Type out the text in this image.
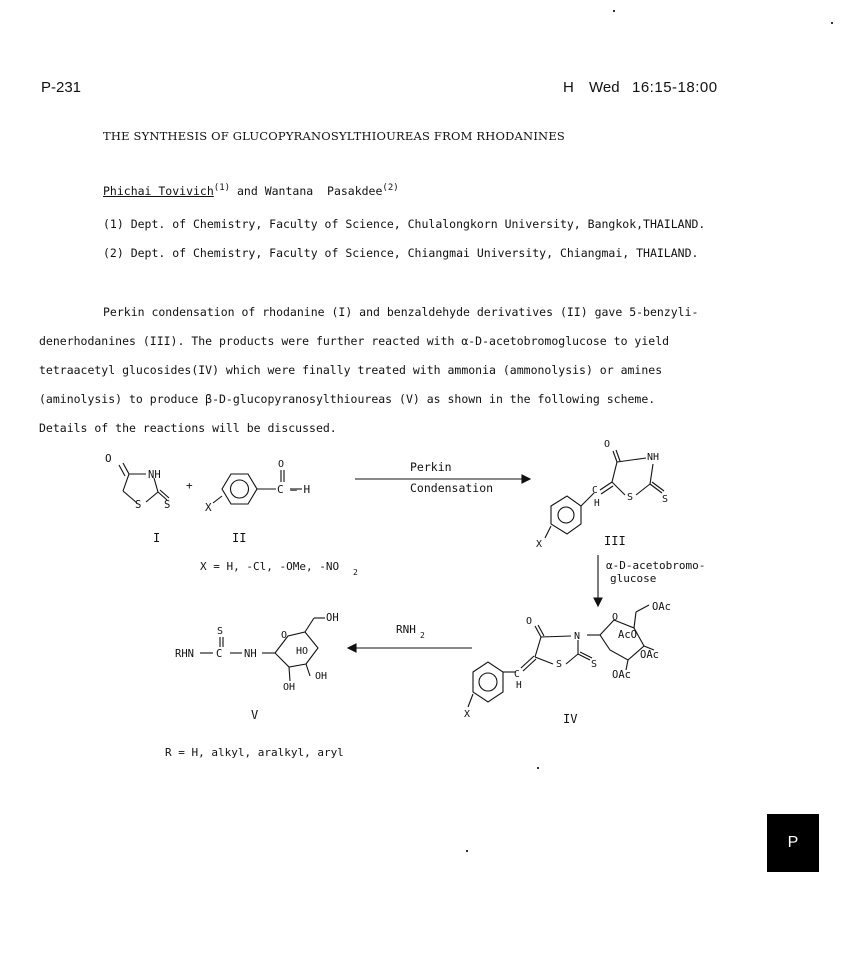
P-231	H Wed 16:15-18:00
THE SYNTHESIS OF GLUCOPYRANOSYLTHIOUREAS FROM RHODANINES
Phichai Tovivich$^{(1)}$ and Wantana  Pasakdee$^{(2)}$
(1) Dept. of Chemistry, Faculty of Science, Chulalongkorn University, Bangkok,THAILAND.
(2) Dept. of Chemistry, Faculty of Science, Chiangmai University, Chiangmai, THAILAND.
Perkin condensation of rhodanine (I) and benzaldehyde derivatives (II) gave 5-benzyli-
denerhodanines (III). The products were further reacted with α-D-acetobromoglucose to yield
tetraacetyl glucosides(IV) which were finally treated with ammonia (ammonolysis) or amines
(aminolysis) to produce β-D-glucopyranosylthioureas (V) as shown in the following scheme.
Details of the reactions will be discussed.
O
NH
S S
I
+
X
O
C — H
II
X = H, -Cl, -OMe, -NO 2
Perkin
Condensation
O
NH
C
H
S	S
X	III
α-D-acetobromo-
glucose
O
N
C
H
S	S
X
O
OAc
AcO
OAc
OAc
IV
RNH 2
RHN
S
C NH
O
OH
HO
OH
OH
V
R = H, alkyl, aralkyl, aryl
P
